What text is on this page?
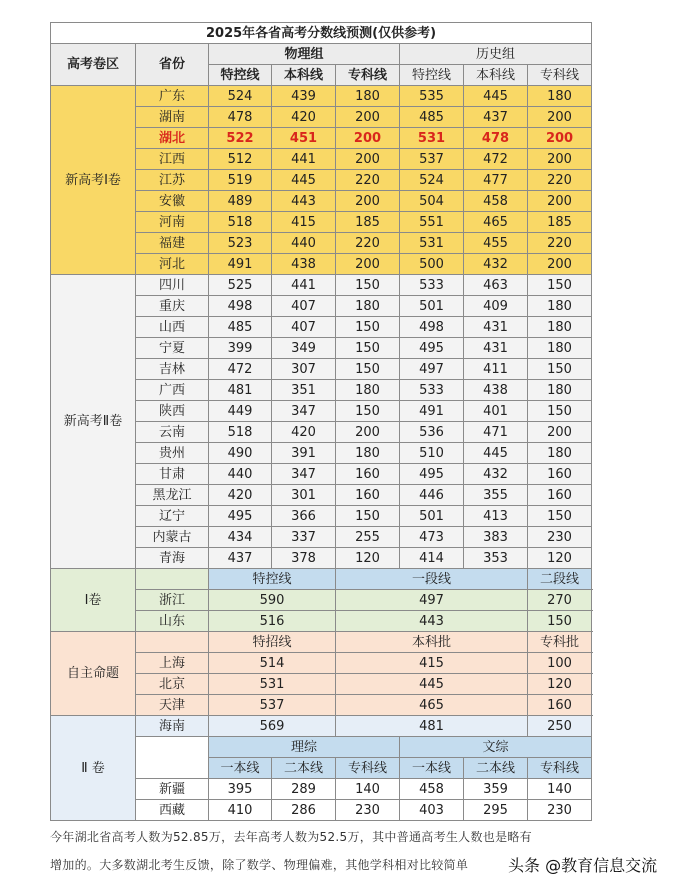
2025年各省高考分数线预测(仅供参考)							
高考卷区	省份	物理组			历史组		
		特控线	本科线	专科线	特控线	本科线	专科线
新高考Ⅰ卷	广东	524	439	180	535	445	180
	湖南	478	420	200	485	437	200
	湖北	522	451	200	531	478	200
	江西	512	441	200	537	472	200
	江苏	519	445	220	524	477	220
	安徽	489	443	200	504	458	200
	河南	518	415	185	551	465	185
	福建	523	440	220	531	455	220
	河北	491	438	200	500	432	200
新高考Ⅱ卷	四川	525	441	150	533	463	150
	重庆	498	407	180	501	409	180
	山西	485	407	150	498	431	180
	宁夏	399	349	150	495	431	180
	吉林	472	307	150	497	411	150
	广西	481	351	180	533	438	180
	陕西	449	347	150	491	401	150
	云南	518	420	200	536	471	200
	贵州	490	391	180	510	445	180
	甘肃	440	347	160	495	432	160
	黑龙江	420	301	160	446	355	160
	辽宁	495	366	150	501	413	150
	内蒙古	434	337	255	473	383	230
	青海	437	378	120	414	353	120
Ⅰ卷		特控线		一段线			二段线
	浙江	590		497			270
	山东	516		443			150
自主命题		特招线		本科批			专科批
	上海	514		415			100
	北京	531		445			120
	天津	537		465			160
Ⅱ 卷	海南	569		481			250
		理综			文综		
		一本线	二本线	专科线	一本线	二本线	专科线
	新疆	395	289	140	458	359	140
	西藏	410	286	230	403	295	230

今年湖北省高考人数为52.85万，去年高考人数为52.5万，其中普通高考生人数也是略有

增加的。大多数湖北考生反馈，除了数学、物理偏难，其他学科相对比较简单	头条 @教育信息交流
